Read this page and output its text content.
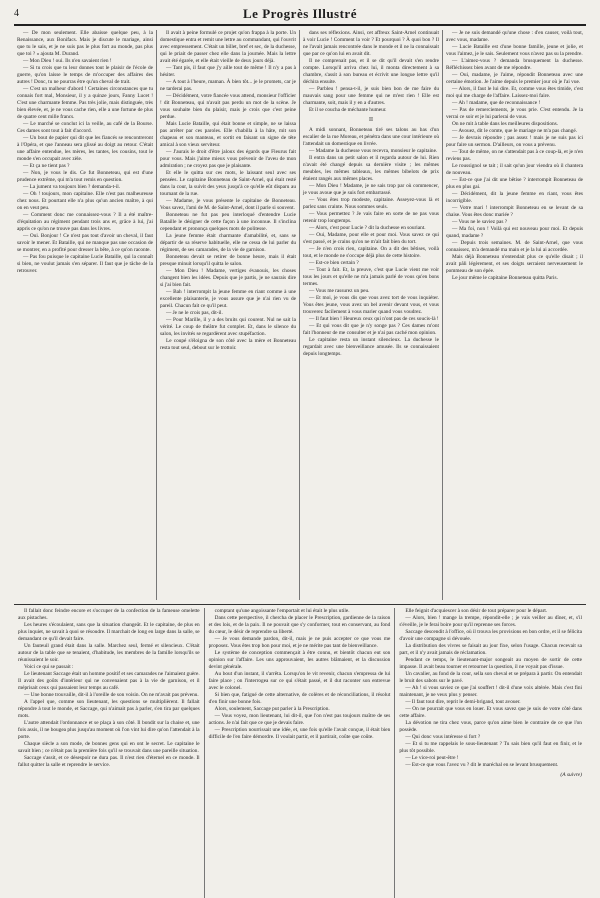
4	Le Progrès Illustré

— De mon seulement. Elle abaisse quelque peu, à la Renaissance, aux Bonifacs. Mais je discute le mariage, ainsi que tu le sais, et je ne suis pas le plus fort au monde, pas plus que toi ? » ajouta M. Durand.

— Mon Dieu ! oui. Ils n'en savaient rien !

— Si tu crois que tu leur donnes tout le plaisir de l'école de guerre, qu'on laisse le temps de m'occuper des affaires des autres ! Donc, tu ne pourras être qu'un cheval de trait.

— C'est un malheur d'abord ! Certaines circonstances que tu connais fort mal, Monsieur, il y a quinze jours, Fanny Lucet ! C'est une charmante femme. Pas très jolie, mais distinguée, très bien élevée, et, je ne vous cache rien, elle a une fortune de plus de quatre cent mille francs.

— Le marché se conclut ici la veille, au café de la Bourse. Ces dames sont tout à fait d'accord.

— Un bout de papier qui dit que les fiancés se rencontreront à l'Opéra, et que l'anneau sera glissé au doigt au retour. C'était une affaire entendue, les mères, les tantes, les cousins, tout le monde s'en occupait avec zèle.

— Et ça ne tient pas ?

— Non, je vous le dis. Ce fut Bonneteau, qui est d'une prudence extrême, qui m'a tout remis en question.

— La jument va toujours bien ? demanda-t-il.

— Oh ! toujours, mon capitaine. Elle n'est pas malheureuse chez nous. Et pourtant elle n'a plus qu'un ancien maître, à qui on en veut peu.

— Comment donc me connaissez-vous ? Il a été maître-d'équitation au régiment pendant trois ans et, grâce à lui, j'ai appris ce qu'on ne trouve pas dans les livres.

— Oui. Bonjour ! Ce n'est pas tout d'avoir un cheval, il faut savoir le mener. Et Bataille, qui ne manque pas une occasion de se montrer, en a profité pour dresser la bête, à ce qu'on raconte.

— Pas fou puisque le capitaine Lucie Bataille, qui la connaît si bien, ne voulut jamais s'en séparer. Il faut que je tâche de la retrouver.

Il avait à peine formulé ce projet qu'on frappa à la porte. Un domestique entra et remit une lettre au commandant, qui l'ouvrit avec empressement. C'était un billet, bref et sec, de la duchesse, qui le priait de passer chez elle dans la journée. Mais la lettre avait été égarée, et elle était vieille de deux jours déjà.

— Tant pis, il faut que j'y aille tout de même ! Il n'y a pas à hésiter.

— A tout à l'heure, maman. À bien tôt... je le promets, car je ne tarderai pas.

— Décidément, votre fiancée vous attend, monsieur l'officier ! dit Bonneteau, qui n'avait pas perdu un mot de la scène. Je vous souhaite bien du plaisir, mais je crois que c'est peine perdue.

Mais Lucie Bataille, qui était bonne et simple, ne se laissa pas arrêter par ces paroles. Elle s'habilla à la hâte, mit son chapeau et son manteau, et sortit en faisant un signe de tête amical à son vieux serviteur.

— J'aurais le droit d'être jaloux des égards que Fleurus fait pour vous. Mais j'aime mieux vous prévenir de l'aveu de mon admiration ; ne croyez pas que je plaisante.

Et elle le quitta sur ces mots, le laissant seul avec ses pensées. Le capitaine Bonneteau de Saint-Arnel, qui était resté dans la cour, la suivit des yeux jusqu'à ce qu'elle eût disparu au tournant de la rue.

— Madame, je vous présente le capitaine de Bonneteau. Vous savez, l'ami de M. de Saint-Arnel, dont il parle si souvent.

Bonneteau ne fut pas peu interloqué d'entendre Lucie Bataille le désigner de cette façon à une inconnue. Il s'inclina cependant et prononça quelques mots de politesse.

La jeune femme était charmante d'amabilité, et, sans se départir de sa réserve habituelle, elle ne cessa de lui parler du régiment, de ses camarades, de la vie de garnison.

Bonneteau devait se retirer de bonne heure, mais il était presque minuit lorsqu'il quitta le salon.

— Mon Dieu ! Madame, vertiges évanouis, les choses changent bien les idées. Depuis que je partis, je ne saurais dire si j'ai bien fait.

— Bah ! interrompit la jeune femme en riant comme à une excellente plaisanterie, je vous assure que je n'ai rien vu de pareil. Chacun fait ce qu'il peut.

— Je ne le crois pas, dit-il.

— Pour Marille, il y a des bruits qui courent. Nul ne sait la vérité. Le coup de théâtre fut complet. Et, dans le silence du salon, les invités se regardèrent avec stupéfaction.

Le coupé s'éloigna de son côté avec la mère et Bonneteau resta tout seul, debout sur le trottoir.

dans ses réflexions. Ainsi, cet affreux Saint-Arnel continuait à voir Lucie ! Comment la voir ? Et pourquoi ? À quoi bon ? Il ne l'avait jamais rencontrée dans le monde et il ne la connaissait que par ce qu'on lui en avait dit.

Il ne comprenait pas, et il se dit qu'il devait s'en rendre compte. Lorsqu'il arriva chez lui, il monta directement à sa chambre, s'assit à son bureau et écrivit une longue lettre qu'il déchira ensuite.

— Parbleu ! pensa-t-il, je suis bien bon de me faire du mauvais sang pour une femme qui ne m'est rien ! Elle est charmante, soit, mais il y en a d'autres.

Et il se coucha de méchante humeur.

II

A midi sonnant, Bonneteau tiré ses talons au bas d'un escalier de la rue Moreau, et pénétra dans une cour intérieure où l'attendait un domestique en livrée.

— Madame la duchesse vous recevra, monsieur le capitaine.

Il entra dans un petit salon et il regarda autour de lui. Rien n'avait été changé depuis sa dernière visite ; les mêmes meubles, les mêmes tableaux, les mêmes bibelots de prix étaient rangés aux mêmes places.

— Mon Dieu ! Madame, je ne sais trop par où commencer, je vous avoue que je suis fort embarrassé.

— Vous êtes trop modeste, capitaine. Asseyez-vous là et parlez sans crainte. Nous sommes seuls.

— Vous permettez ? Je vais faire en sorte de ne pas vous retenir trop longtemps.

— Alors, c'est pour Lucie ? dit la duchesse en souriant.

— Oui, Madame, pour elle et pour moi. Vous savez ce qui s'est passé, et je crains qu'on ne m'ait fait bien du tort.

— Je n'en crois rien, capitaine. On a dit des bêtises, voilà tout, et le monde ne s'occupe déjà plus de cette histoire.

— Est-ce bien certain ?

— Tout à fait. Et, la preuve, c'est que Lucie vient me voir tous les jours et qu'elle ne m'a jamais parlé de vous qu'en bons termes.

— Vous me rassurez un peu.

— Et moi, je vous dis que vous avez tort de vous inquiéter. Vous êtes jeune, vous avez un bel avenir devant vous, et vous trouverez facilement à vous marier quand vous voudrez.

— Il faut bien ! Heureux ceux qui n'ont pas de ces soucis-là !

— Et qui vous dit que je n'y songe pas ? Ces dames m'ont fait l'honneur de me consulter et je n'ai pas caché mon opinion.

Le capitaine resta un instant silencieux. La duchesse le regardait avec une bienveillance amusée. Ils se connaissaient depuis longtemps.

— Je ne suis demandé qu'une chose : d'en causer, voilà tout, avec vous, madame.

— Lucie Bataille est d'une bonne famille, jeune et jolie, et vous l'aimez, je le sais. Seulement vous n'avez pas su la prendre.

— L'aimez-vous ? demanda brusquement la duchesse. Réfléchissez bien avant de me répondre.

— Oui, madame, je l'aime, répondit Bonneteau avec une certaine émotion. Je l'aime depuis le premier jour où je l'ai vue.

— Alors, il faut le lui dire. Et, comme vous êtes timide, c'est moi qui me charge de l'affaire. Laissez-moi faire.

— Ah ! madame, que de reconnaissance !

— Pas de remerciements, je vous prie. C'est entendu. Je la verrai ce soir et je lui parlerai de vous.

On ne mit à table dans les meilleures dispositions.

— Avouez, dit le comte, que le mariage ne m'a pas changé.

— Je devrais répondre ; pas assez ! mais je ne suis pas ici pour faire un sermon. D'ailleurs, on vous a prévenu.

— Tout de même, on ne s'attendait pas à ce coup-là, et je n'en reviens pas.

Le roussignol se tait ; il sait qu'un jour viendra où il chantera de nouveau.

— Est-ce que j'ai dit une bêtise ? interrompit Bonneteau de plus en plus gai.

— Décidément, dit la jeune femme en riant, vous êtes incorrigible.

— Votre mari ! interrompit Bonneteau en se levant de sa chaise. Vous êtes donc mariée ?

— Vous ne le saviez pas ?

— Ma foi, non ! Voilà qui est nouveau pour moi. Et depuis quand, madame ?

— Depuis trois semaines. M. de Saint-Arnel, que vous connaissez, m'a demandé ma main et je la lui ai accordée.

Mais déjà Bonneteau n'entendait plus ce qu'elle disait ; il avait pâli légèrement, et ses doigts serraient nerveusement le pommeau de son épée.

Le jour même le capitaine Bonneteau quitta Paris.

Il fallait donc feindre encore et s'occuper de la confection de la fameuse omelette aux pistaches.

Les heures s'écoulaient, sans que la situation changeât. Et le capitaine, de plus en plus inquiet, ne savait à quoi se résoudre. Il marchait de long en large dans la salle, se demandant ce qu'il devait faire.

Un fauteuil grand était dans la salle. Marchez seul, fermé et silencieux. C'était autour de la table que se tenaient, d'habitude, les membres de la famille lorsqu'ils se réunissaient le soir.

Voici ce qui se passait :

Le lieutenant Saccage était un homme positif et ses camarades ne l'aimaient guère. Il avait des goûts d'intérieur qui ne convenaient pas à la vie de garnison, et il méprisait ceux qui passaient leur temps au café.

— Une bonne trouvaille, dit-il à l'oreille de son voisin. On ne m'avait pas prévenu.

A l'appel que, comme son lieutenant, les questions se multiplièrent. Il fallait répondre à tout le monde, et Saccage, qui n'aimait pas à parler, s'en tira par quelques mots.

L'autre attendait l'ordonnance et se plaça à son côté. Il bondit sur la chaise et, une fois assis, il ne bougea plus jusqu'au moment où l'on vint lui dire qu'on l'attendait à la porte.

Chaque siècle a son mode, de bonnes gens qui en ont le secret. Le capitaine le savait bien ; ce n'était pas la première fois qu'il se trouvait dans une pareille situation.

Saccage s'assit, et ce désespoir ne dura pas. Il n'est rien d'éternel en ce monde. Il fallut quitter la salle et reprendre le service.

comptant qu'une angoissante l'emportait et lui était le plus utile.

Dans cette perspective, il chercha de placer le Prescription, gardienne de la raison et des lois, et de la paix. Il ne pouvait que s'y conformer, tout en conservant, au fond du cœur, le désir de reprendre sa liberté.

— Je vous demande pardon, dit-il, mais je ne puis accepter ce que vous me proposez. Vous êtes trop bon pour moi, et je ne mérite pas tant de bienveillance.

Le système de conception commençait à être connu, et bientôt chacun eut son opinion sur l'affaire. Les uns approuvaient, les autres blâmaient, et la discussion devint générale.

Au bout d'un instant, il s'arrêta. Lorsqu'on le vit revenir, chacun s'empressa de lui faire place ; on l'interrogea sur ce qui s'était passé, et il dut raconter son entrevue avec le colonel.

Si bien que, fatigué de cette alternative, de colères et de réconciliations, il résolut d'en finir une bonne fois.

Alors, soulement, Saccage put parler à la Prescription.

— Vous voyez, mon lieutenant, lui dit-il, que l'on n'est pas toujours maître de ses actions. Je n'ai fait que ce que je devais faire.

— Prescription nourrissait une idée, et, une fois qu'elle l'avait conçue, il était bien difficile de l'en faire démordre. Il voulait partir, et il partirait, coûte que coûte.

Elle feignit d'acquiescer à son désir de tout préparer pour le départ.

— Alors, bien ! mange la trempe, répondit-elle ; je vais veiller au dîner, et, s'il s'éveille, je le ferai boire pour qu'il reprenne ses forces.

Saccage descendit à l'office, où il trouva les provisions en bon ordre, et il se félicita d'avoir une compagne si dévouée.

La distribution des vivres se faisait au jour fixe, selon l'usage. Chacun recevait sa part, et il n'y avait jamais de réclamation.

Pendant ce temps, le lieutenant-major songeait au moyen de sortir de cette impasse. Il avait beau tourner et retourner la question, il ne voyait pas d'issue.

Un cavalier, au fond de la cour, sella son cheval et se prépara à partir. On entendait le bruit des sabots sur le pavé.

— Ah ! si vous saviez ce que j'ai souffert ! dit-il d'une voix altérée. Mais c'est fini maintenant, je ne veux plus y penser.

— Il faut tout dire, reprit le demi-brigand, tout avouer.

— On ne pourrait que vous en louer. Et vous savez que je suis de votre côté dans cette affaire.

La dévotion ne tira chez vous, parce qu'on aime bien le contraire de ce que l'on possède.

— Qui donc vous intéresse si fort ?

— Et si tu me rappelais le sous-lieutenant ? Tu sais bien qu'il faut en finir, et le plus tôt possible.

— Le vice-roi peut-être !

— Est-ce que vous l'avez vu ? dit le maréchal en se levant brusquement.

(A suivre)
